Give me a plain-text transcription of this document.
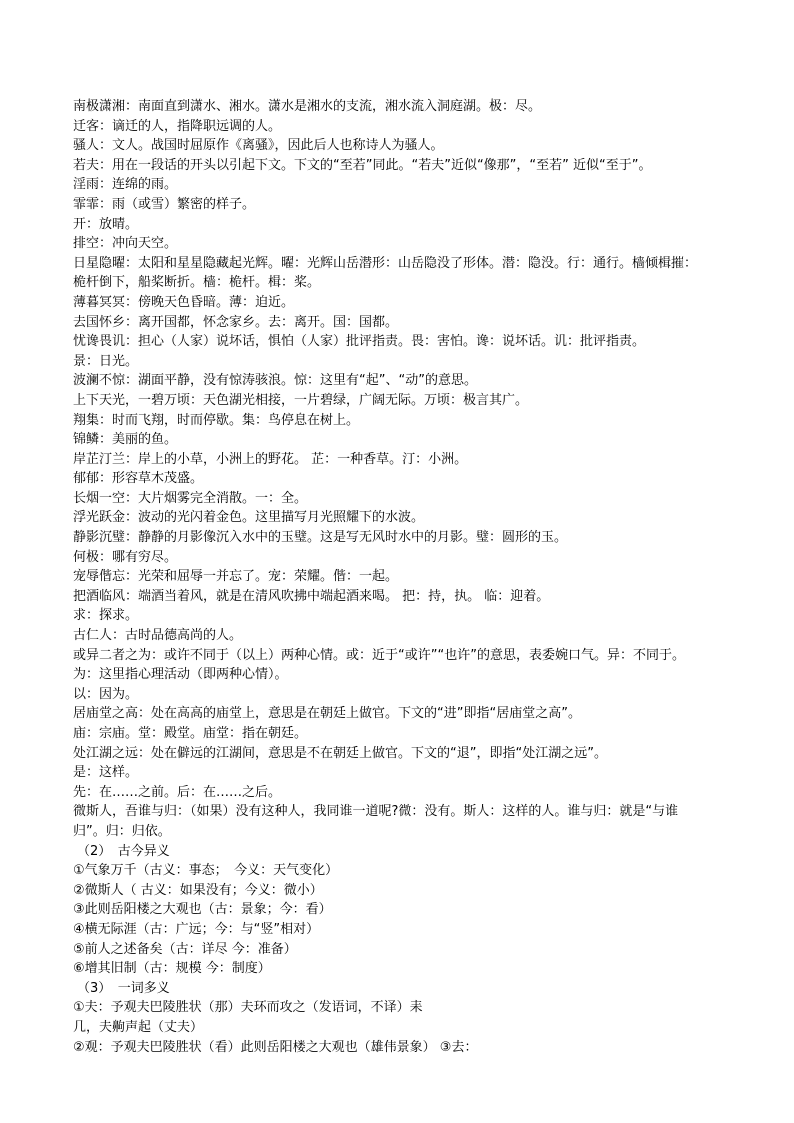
南极潇湘：南面直到潇水、湘水。潇水是湘水的支流，湘水流入洞庭湖。极：尽。
迁客：谪迁的人，指降职远调的人。
骚人：文人。战国时屈原作《离骚》，因此后人也称诗人为骚人。
若夫：用在一段话的开头以引起下文。下文的“至若”同此。“若夫”近似“像那”，“至若” 近似“至于”。
淫雨：连绵的雨。
霏霏：雨（或雪）繁密的样子。
开：放晴。
排空：冲向天空。
日星隐曜：太阳和星星隐藏起光辉。曜：光辉山岳潜形：山岳隐没了形体。潜：隐没。行：通行。樯倾楫摧：
桅杆倒下，船桨断折。樯：桅杆。楫：桨。
薄暮冥冥：傍晚天色昏暗。薄：迫近。
去国怀乡：离开国都，怀念家乡。去：离开。国：国都。
忧谗畏讥：担心（人家）说坏话，惧怕（人家）批评指责。畏：害怕。谗：说坏话。讥：批评指责。
景：日光。
波澜不惊：湖面平静，没有惊涛骇浪。惊：这里有“起”、“动”的意思。
上下天光，一碧万顷：天色湖光相接，一片碧绿，广阔无际。万顷：极言其广。
翔集：时而飞翔，时而停歇。集：鸟停息在树上。
锦鳞：美丽的鱼。
岸芷汀兰：岸上的小草，小洲上的野花。 芷：一种香草。汀：小洲。
郁郁：形容草木茂盛。
长烟一空：大片烟雾完全消散。一：全。
浮光跃金：波动的光闪着金色。这里描写月光照耀下的水波。
静影沉璧：静静的月影像沉入水中的玉璧。这是写无风时水中的月影。璧：圆形的玉。
何极：哪有穷尽。
宠辱偕忘：光荣和屈辱一并忘了。宠：荣耀。偕：一起。
把酒临风：端酒当着风，就是在清风吹拂中端起酒来喝。 把：持，执。 临：迎着。
求：探求。
古仁人：古时品德高尚的人。
或异二者之为：或许不同于（以上）两种心情。或：近于“或许”“也许”的意思，表委婉口气。异：不同于。
为：这里指心理活动（即两种心情）。
以：因为。
居庙堂之高：处在高高的庙堂上，意思是在朝廷上做官。下文的“进”即指“居庙堂之高”。
庙：宗庙。堂：殿堂。庙堂：指在朝廷。
处江湖之远：处在僻远的江湖间，意思是不在朝廷上做官。下文的“退”，即指“处江湖之远”。
是：这样。
先：在……之前。后：在……之后。
微斯人，吾谁与归：（如果）没有这种人，我同谁一道呢?微：没有。斯人：这样的人。谁与归：就是“与谁
归”。归：归依。
（2）　古今异义
①气象万千（古义：事态；　今义：天气变化）
②微斯人（ 古义：如果没有；今义：微小）
③此则岳阳楼之大观也（古：景象；今：看）
④横无际涯（古：广远；今：与“竖”相对）
⑤前人之述备矣（古：详尽 今：准备）
⑥增其旧制（古：规模 今：制度）
（3）　一词多义
①夫：予观夫巴陵胜状（那）夫环而攻之（发语词，不译）耒
几，夫齁声起（丈夫）
②观：予观夫巴陵胜状（看）此则岳阳楼之大观也（雄伟景象） ③去：
